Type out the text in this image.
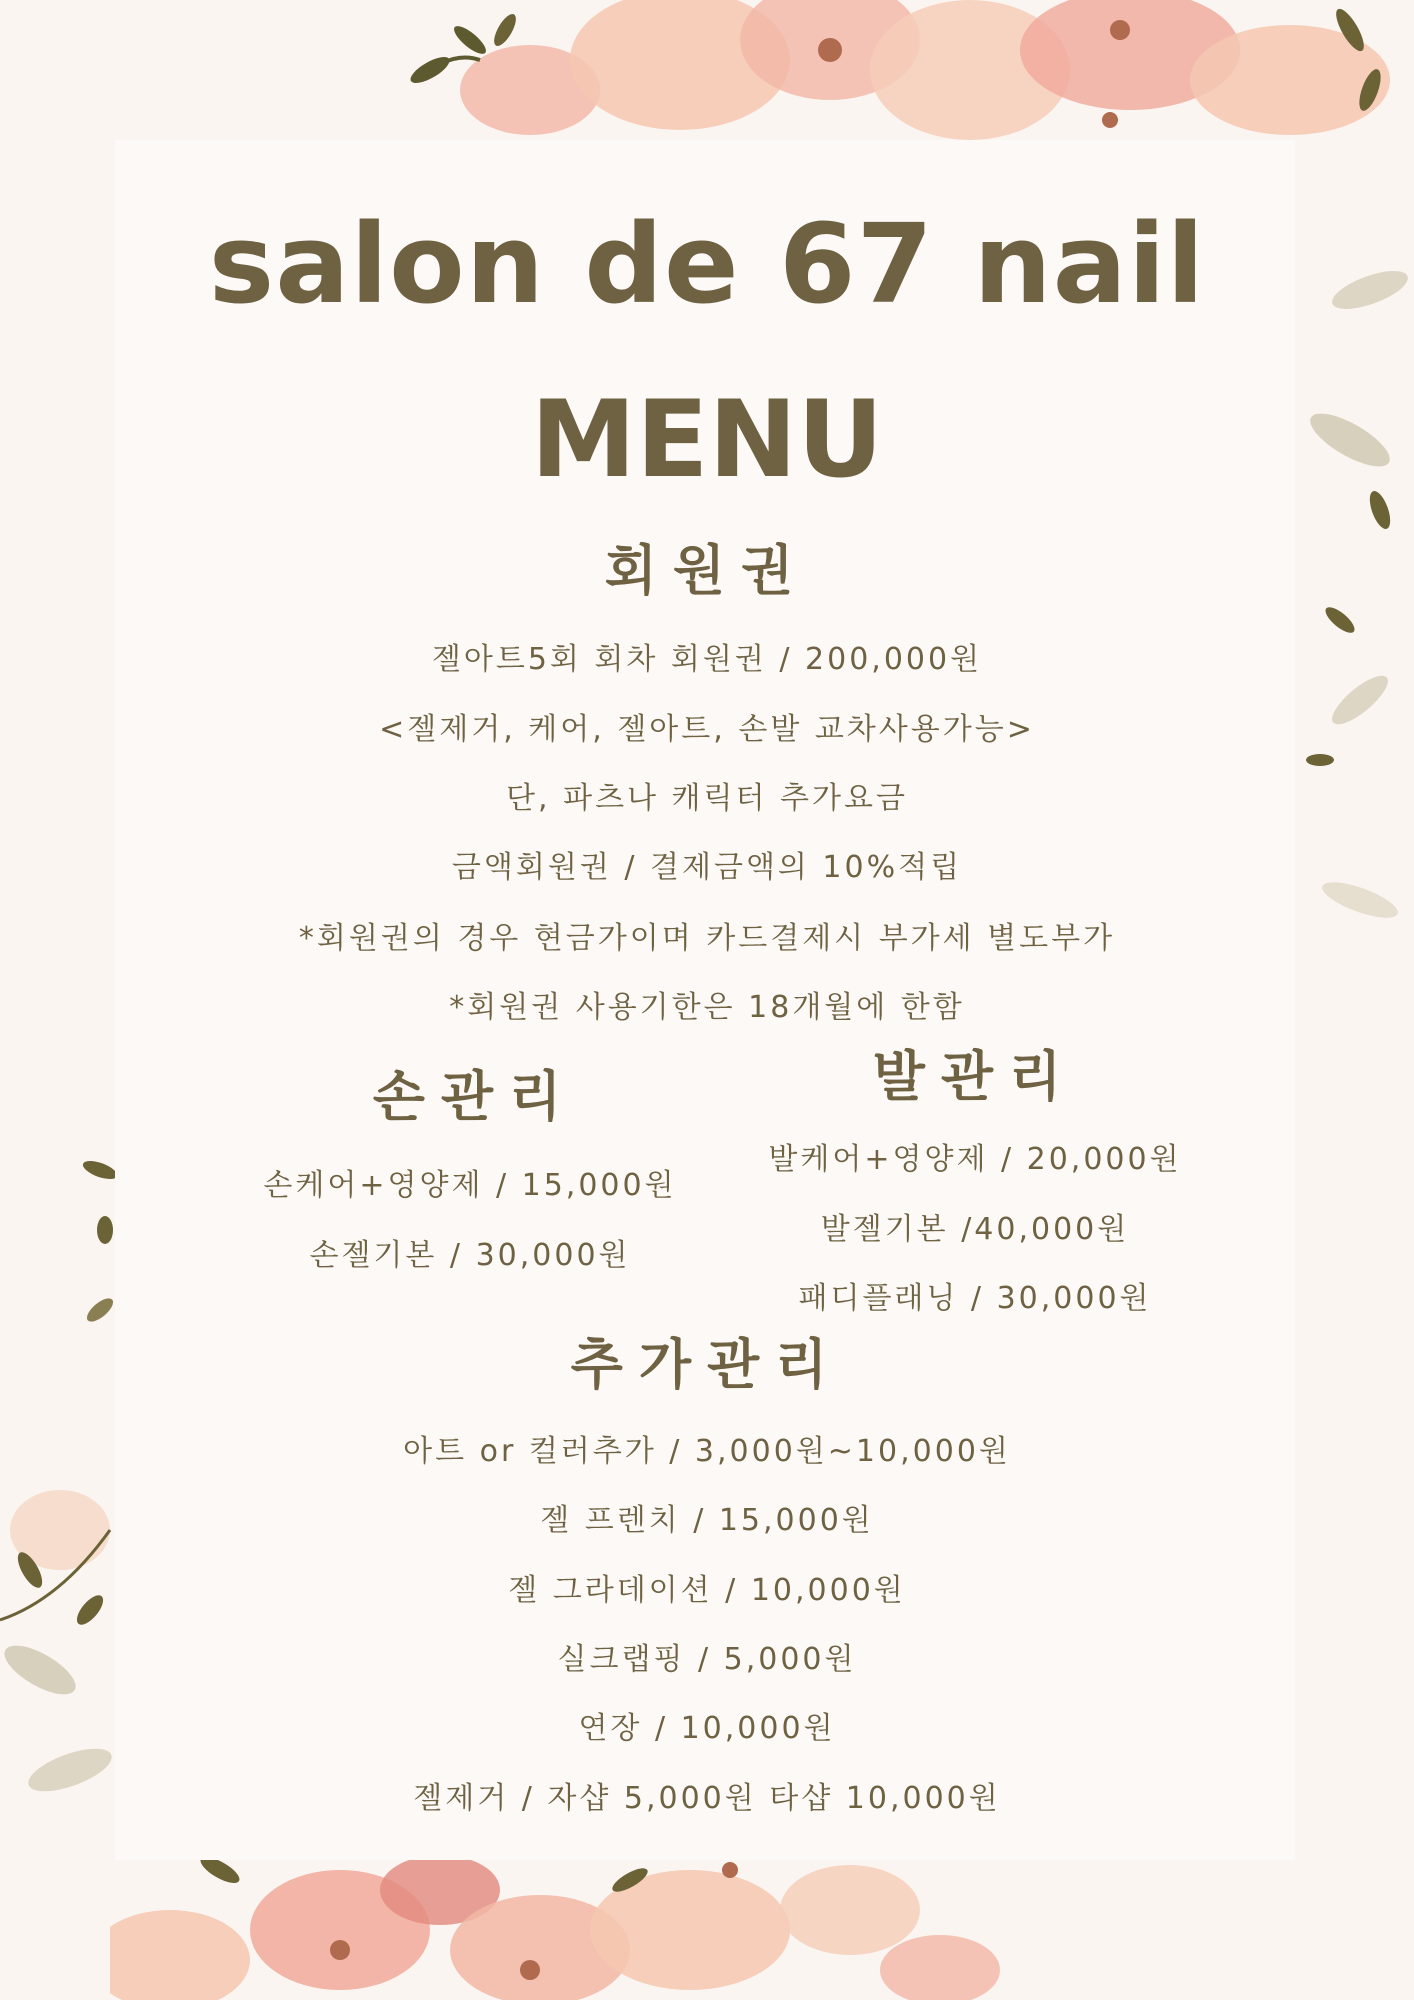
salon de 67 nail
MENU
회원권
젤아트5회 회차 회원권 / 200,000원
<젤제거, 케어, 젤아트, 손발 교차사용가능>
단, 파츠나 캐릭터 추가요금
금액회원권 / 결제금액의 10%적립
*회원권의 경우 현금가이며 카드결제시 부가세 별도부가
*회원권 사용기한은 18개월에 한함
손관리
손케어+영양제 / 15,000원
손젤기본 / 30,000원
발관리
발케어+영양제 / 20,000원
발젤기본 /40,000원
패디플래닝 / 30,000원
추가관리
아트 or 컬러추가 / 3,000원~10,000원
젤 프렌치 / 15,000원
젤 그라데이션 / 10,000원
실크랩핑 / 5,000원
연장 / 10,000원
젤제거 / 자샵 5,000원 타샵 10,000원
